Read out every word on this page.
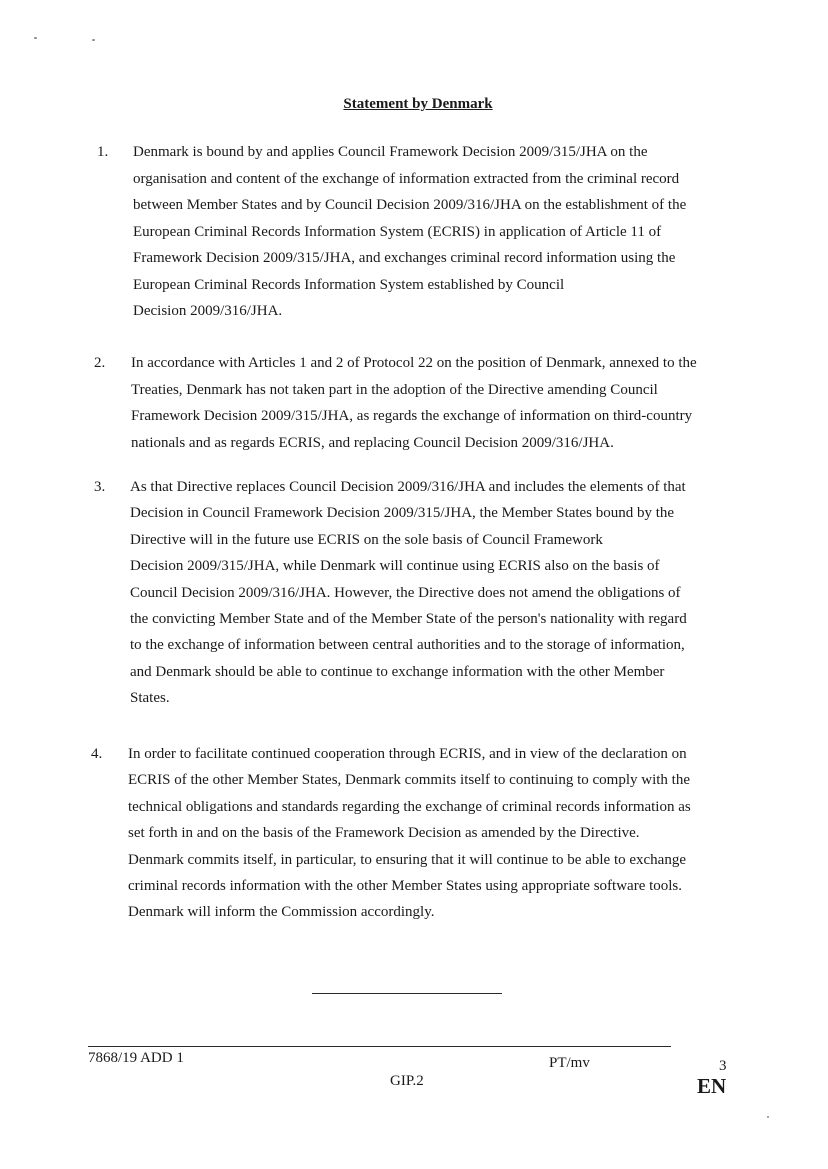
Statement by Denmark
1. Denmark is bound by and applies Council Framework Decision 2009/315/JHA on the
organisation and content of the exchange of information extracted from the criminal record
between Member States and by Council Decision 2009/316/JHA on the establishment of the
European Criminal Records Information System (ECRIS) in application of Article 11 of
Framework Decision 2009/315/JHA, and exchanges criminal record information using the
European Criminal Records Information System established by Council
Decision 2009/316/JHA.
2. In accordance with Articles 1 and 2 of Protocol 22 on the position of Denmark, annexed to the
Treaties, Denmark has not taken part in the adoption of the Directive amending Council
Framework Decision 2009/315/JHA, as regards the exchange of information on third-country
nationals and as regards ECRIS, and replacing Council Decision 2009/316/JHA.
3. As that Directive replaces Council Decision 2009/316/JHA and includes the elements of that
Decision in Council Framework Decision 2009/315/JHA, the Member States bound by the
Directive will in the future use ECRIS on the sole basis of Council Framework
Decision 2009/315/JHA, while Denmark will continue using ECRIS also on the basis of
Council Decision 2009/316/JHA. However, the Directive does not amend the obligations of
the convicting Member State and of the Member State of the person's nationality with regard
to the exchange of information between central authorities and to the storage of information,
and Denmark should be able to continue to exchange information with the other Member
States.
4. In order to facilitate continued cooperation through ECRIS, and in view of the declaration on
ECRIS of the other Member States, Denmark commits itself to continuing to comply with the
technical obligations and standards regarding the exchange of criminal records information as
set forth in and on the basis of the Framework Decision as amended by the Directive.
Denmark commits itself, in particular, to ensuring that it will continue to be able to exchange
criminal records information with the other Member States using appropriate software tools.
Denmark will inform the Commission accordingly.
7868/19 ADD 1	PT/mv	3
GIP.2	EN
